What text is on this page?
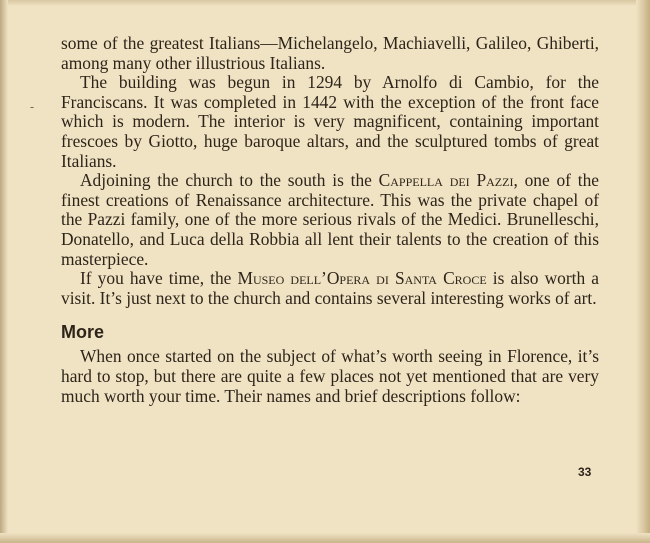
-

some of the greatest Italians—Michelangelo, Machiavelli, Galileo, Ghiberti, among many other illustrious Italians.

The building was begun in 1294 by Arnolfo di Cambio, for the Franciscans. It was completed in 1442 with the exception of the front face which is modern. The interior is very magnificent, containing important frescoes by Giotto, huge baroque altars, and the sculptured tombs of great Italians.

Adjoining the church to the south is the Cappella dei Pazzi, one of the finest creations of Renaissance architecture. This was the private chapel of the Pazzi family, one of the more serious rivals of the Medici. Brunelleschi, Donatello, and Luca della Robbia all lent their talents to the creation of this masterpiece.

If you have time, the Museo dell’Opera di Santa Croce is also worth a visit. It’s just next to the church and contains several interesting works of art.

More

When once started on the subject of what’s worth seeing in Florence, it’s hard to stop, but there are quite a few places not yet mentioned that are very much worth your time. Their names and brief descriptions follow:

33
